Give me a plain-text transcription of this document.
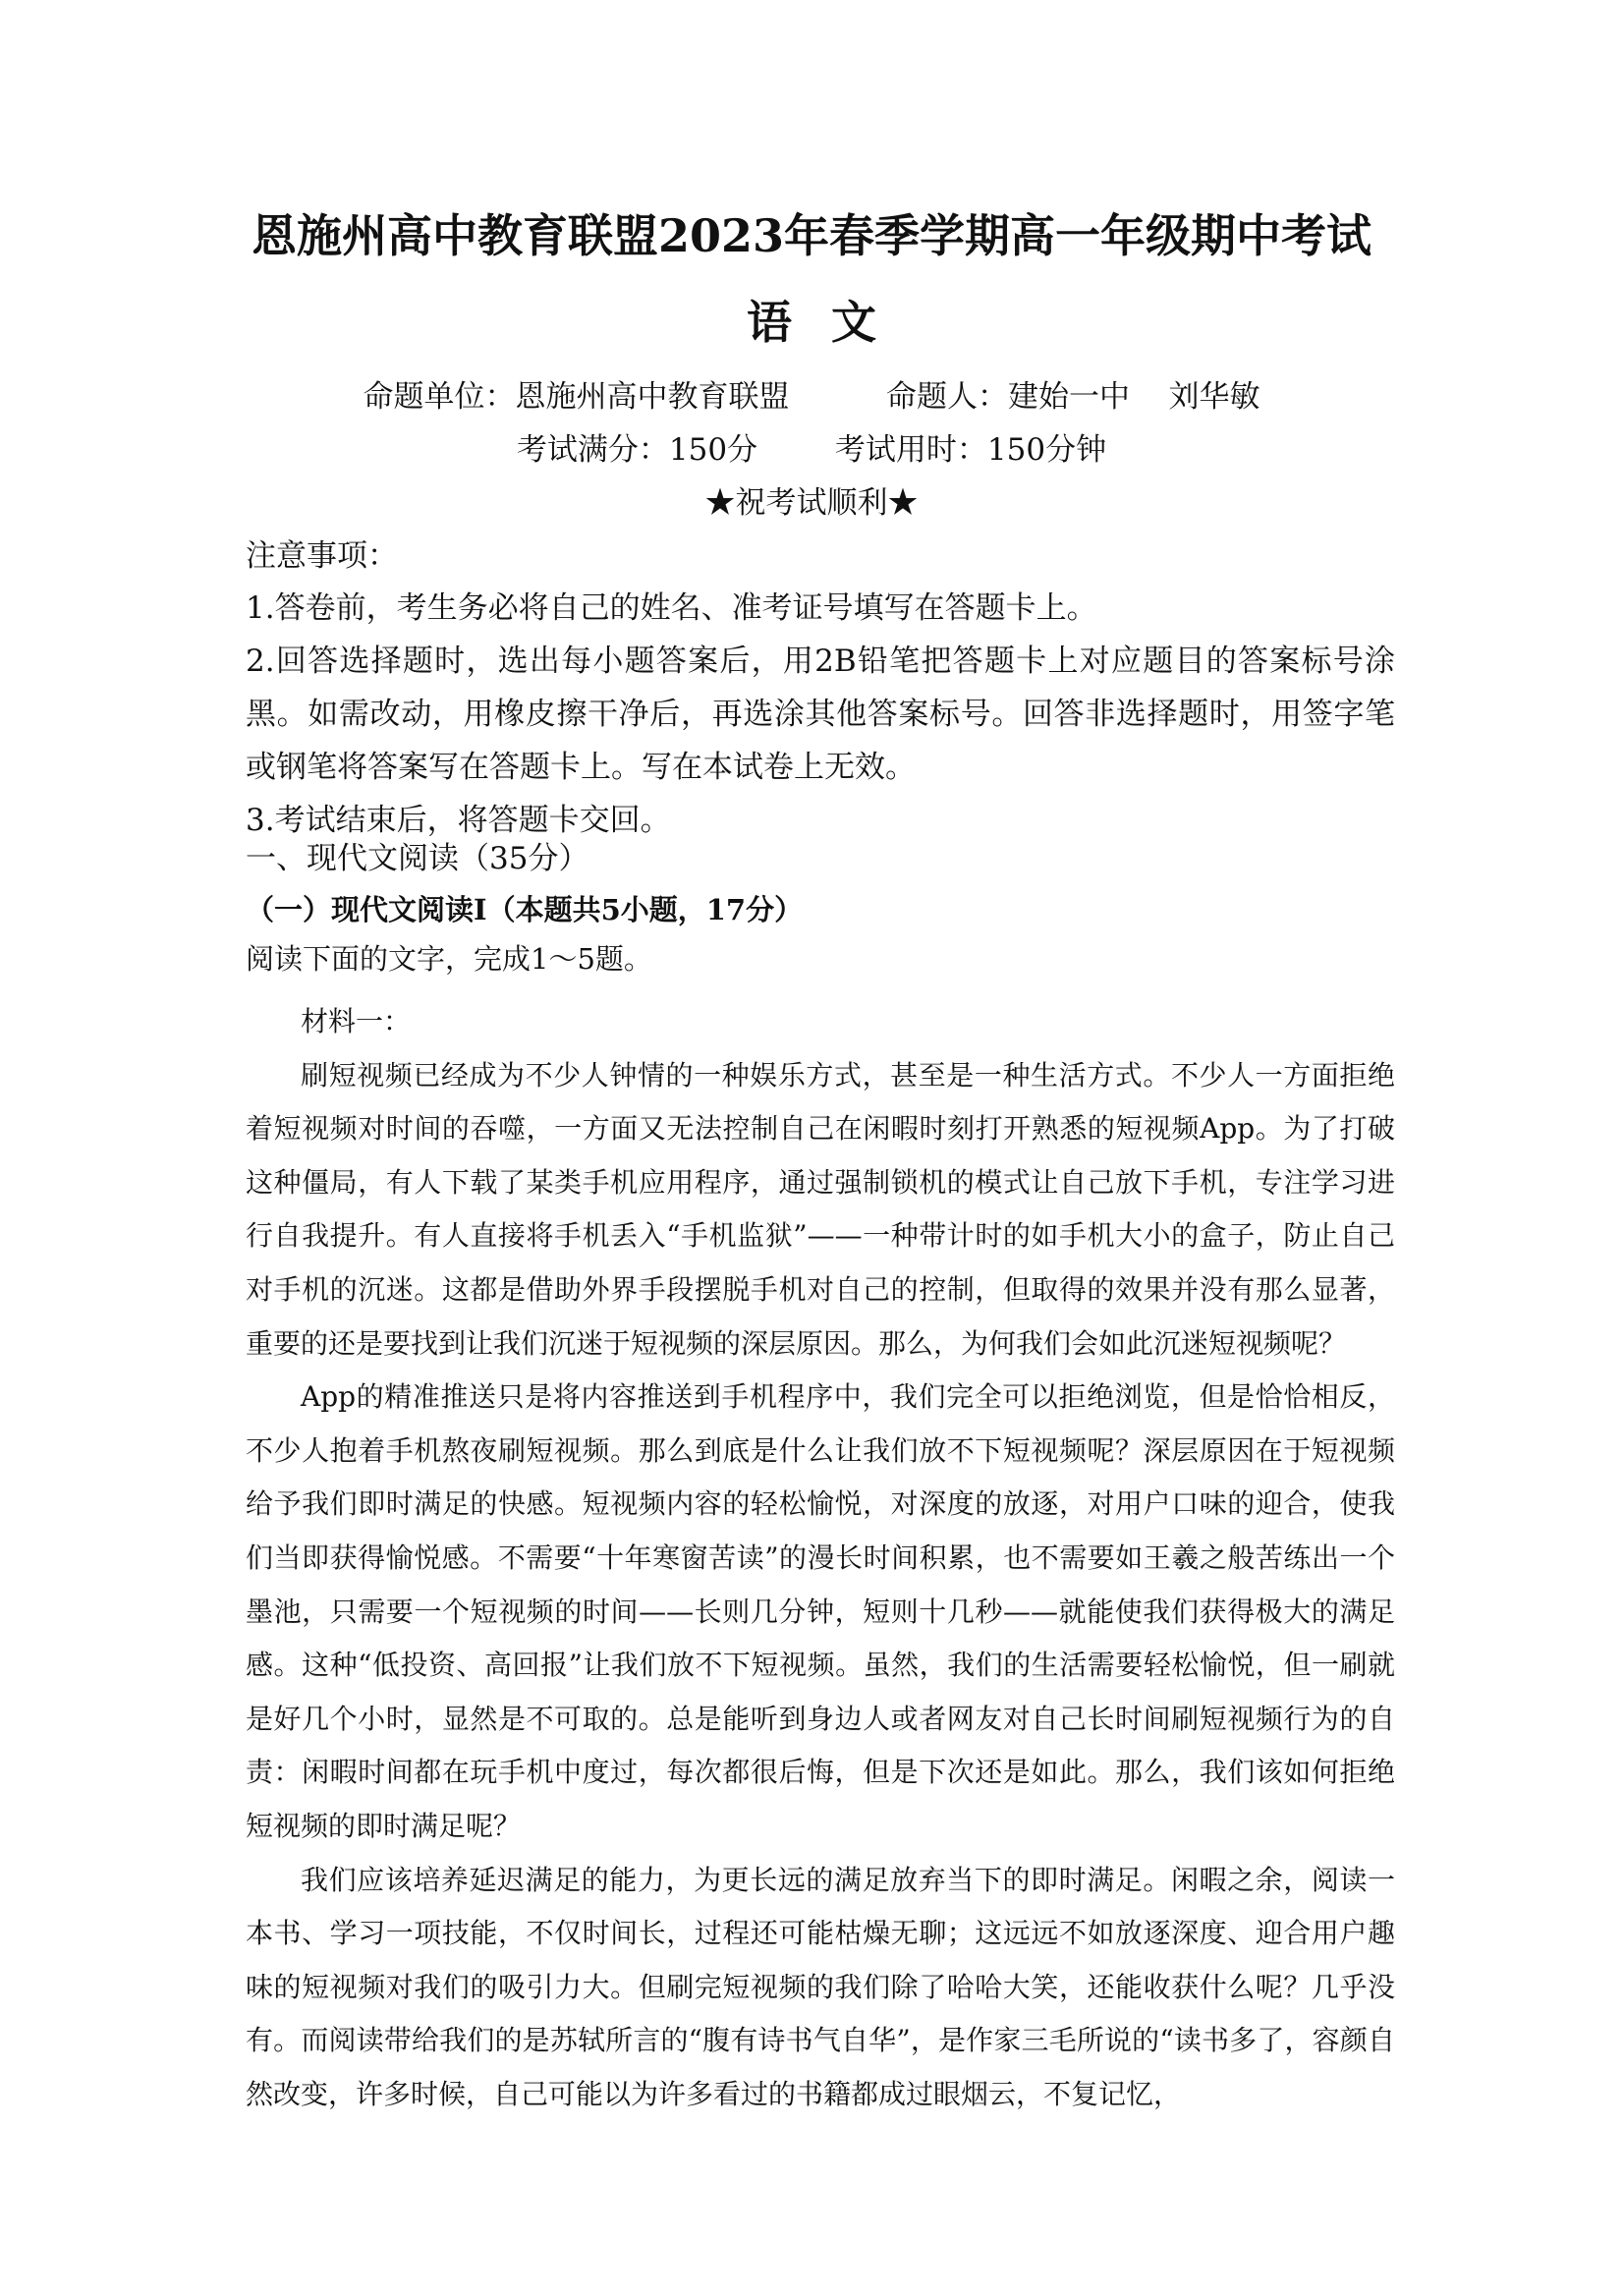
恩施州高中教育联盟2023年春季学期高一年级期中考试
语文
命题单位：恩施州高中教育联盟          命题人：建始一中    刘华敏
考试满分：150分        考试用时：150分钟
★祝考试顺利★
注意事项：

1.答卷前，考生务必将自己的姓名、准考证号填写在答题卡上。

2.回答选择题时，选出每小题答案后，用2B铅笔把答题卡上对应题目的答案标号涂黑。如需改动，用橡皮擦干净后，再选涂其他答案标号。回答非选择题时，用签字笔或钢笔将答案写在答题卡上。写在本试卷上无效。

3.考试结束后，将答题卡交回。

一、现代文阅读（35分）
（一）现代文阅读Ⅰ（本题共5小题，17分）
阅读下面的文字，完成1～5题。

材料一：

刷短视频已经成为不少人钟情的一种娱乐方式，甚至是一种生活方式。不少人一方面拒绝着短视频对时间的吞噬，一方面又无法控制自己在闲暇时刻打开熟悉的短视频App。为了打破这种僵局，有人下载了某类手机应用程序，通过强制锁机的模式让自己放下手机，专注学习进行自我提升。有人直接将手机丢入“手机监狱”——一种带计时的如手机大小的盒子，防止自己对手机的沉迷。这都是借助外界手段摆脱手机对自己的控制，但取得的效果并没有那么显著，重要的还是要找到让我们沉迷于短视频的深层原因。那么，为何我们会如此沉迷短视频呢？

App的精准推送只是将内容推送到手机程序中，我们完全可以拒绝浏览，但是恰恰相反，不少人抱着手机熬夜刷短视频。那么到底是什么让我们放不下短视频呢？深层原因在于短视频给予我们即时满足的快感。短视频内容的轻松愉悦，对深度的放逐，对用户口味的迎合，使我们当即获得愉悦感。不需要“十年寒窗苦读”的漫长时间积累，也不需要如王羲之般苦练出一个墨池，只需要一个短视频的时间——长则几分钟，短则十几秒——就能使我们获得极大的满足感。这种“低投资、高回报”让我们放不下短视频。虽然，我们的生活需要轻松愉悦，但一刷就是好几个小时，显然是不可取的。总是能听到身边人或者网友对自己长时间刷短视频行为的自责：闲暇时间都在玩手机中度过，每次都很后悔，但是下次还是如此。那么，我们该如何拒绝短视频的即时满足呢？

我们应该培养延迟满足的能力，为更长远的满足放弃当下的即时满足。闲暇之余，阅读一本书、学习一项技能，不仅时间长，过程还可能枯燥无聊；这远远不如放逐深度、迎合用户趣味的短视频对我们的吸引力大。但刷完短视频的我们除了哈哈大笑，还能收获什么呢？几乎没有。而阅读带给我们的是苏轼所言的“腹有诗书气自华”，是作家三毛所说的“读书多了，容颜自然改变，许多时候，自己可能以为许多看过的书籍都成过眼烟云，不复记忆，
